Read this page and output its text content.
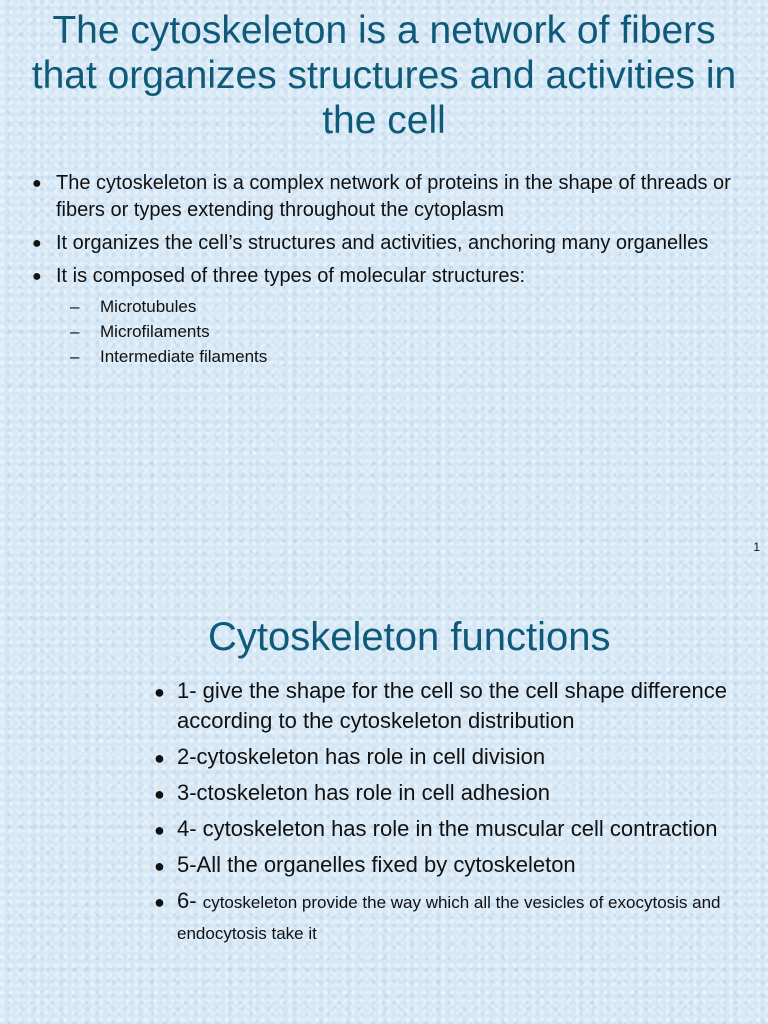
The cytoskeleton is a network of fibers that organizes structures and activities in the cell
● The cytoskeleton is a complex network of proteins in the shape of threads or fibers or types extending throughout the cytoplasm
● It organizes the cell’s structures and activities, anchoring many organelles
● It is composed of three types of molecular structures:
– Microtubules
– Microfilaments
– Intermediate filaments
1
Cytoskeleton functions
● 1- give the shape for the cell so the cell shape difference according to the cytoskeleton distribution
● 2-cytoskeleton has role in cell division
● 3-ctoskeleton has role in cell adhesion
● 4- cytoskeleton has role in the muscular cell contraction
● 5-All the organelles fixed by cytoskeleton
● 6- cytoskeleton provide the way which all the vesicles of exocytosis and endocytosis take it
